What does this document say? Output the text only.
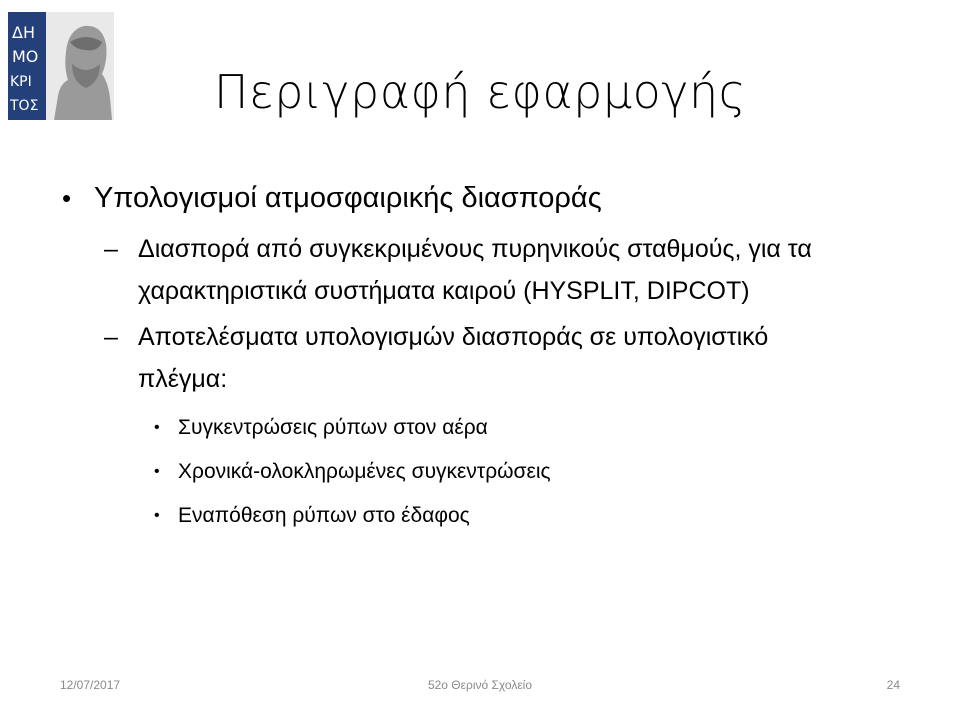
ΔΗ
ΜΟ
ΚΡΙ
ΤΟΣ	Περιγραφή εφαρμογής
• Υπολογισμοί ατμοσφαιρικής διασποράς
– Διασπορά από συγκεκριμένους πυρηνικούς σταθμούς, για τα χαρακτηριστικά συστήματα καιρού (HYSPLIT, DIPCOT)
– Αποτελέσματα υπολογισμών διασποράς σε υπολογιστικό πλέγμα:
• Συγκεντρώσεις ρύπων στον αέρα
• Χρονικά-ολοκληρωμένες συγκεντρώσεις
• Εναπόθεση ρύπων στο έδαφος
12/07/2017	52ο Θερινό Σχολείο	24
